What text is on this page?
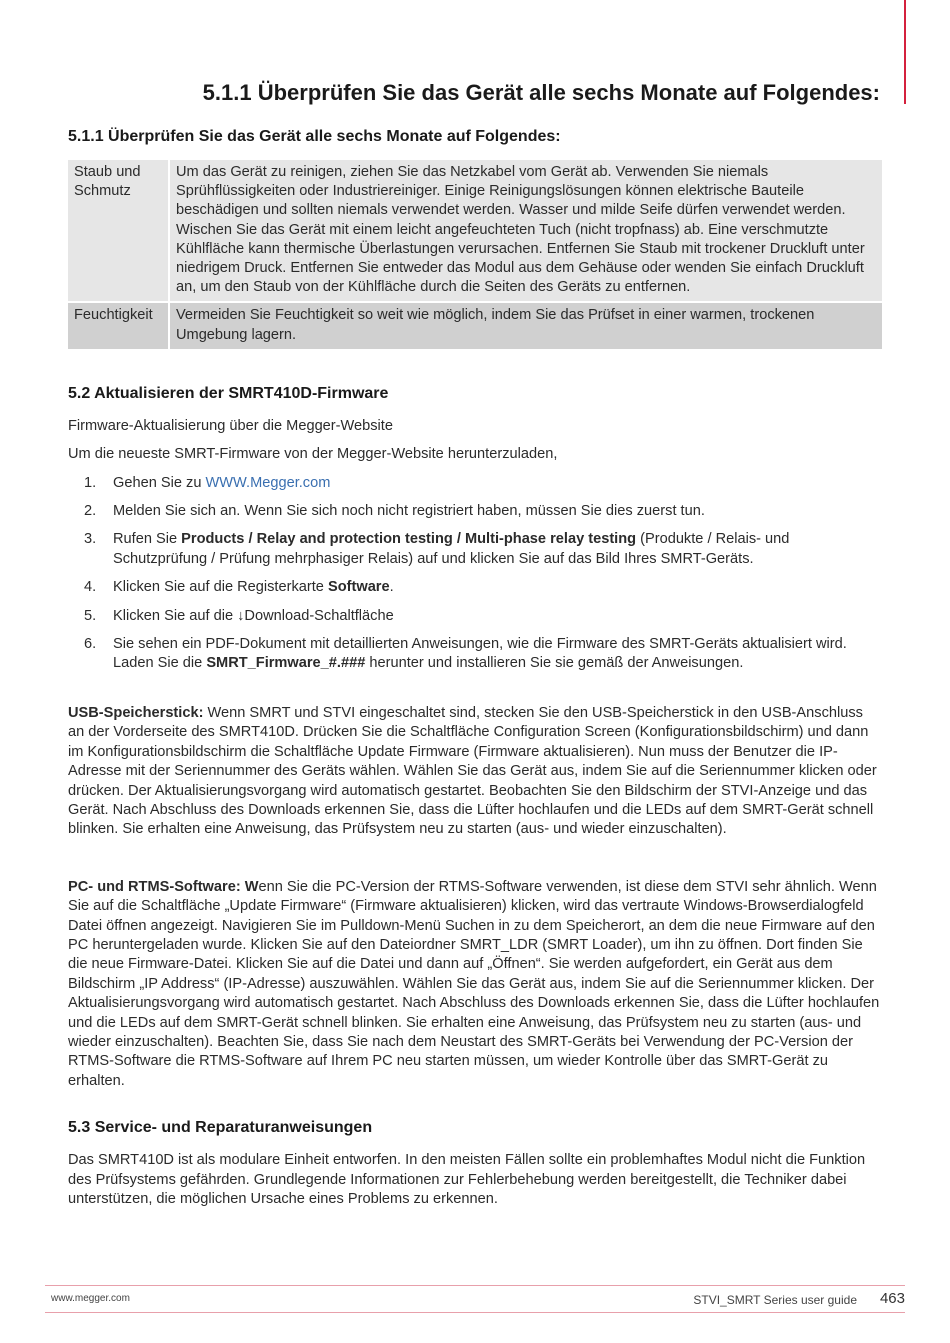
5.1.1 Überprüfen Sie das Gerät alle sechs Monate auf Folgendes:
5.1.1 Überprüfen Sie das Gerät alle sechs Monate auf Folgendes:
Staub und Schmutz	Um das Gerät zu reinigen, ziehen Sie das Netzkabel vom Gerät ab. Verwenden Sie niemals Sprühflüssigkeiten oder Industriereiniger. Einige Reinigungslösungen können elektrische Bauteile beschädigen und sollten niemals verwendet werden. Wasser und milde Seife dürfen verwendet werden. Wischen Sie das Gerät mit einem leicht angefeuchteten Tuch (nicht tropfnass) ab. Eine verschmutzte Kühlfläche kann thermische Überlastungen verursachen. Entfernen Sie Staub mit trockener Druckluft unter niedrigem Druck. Entfernen Sie entweder das Modul aus dem Gehäuse oder wenden Sie einfach Druckluft an, um den Staub von der Kühlfläche durch die Seiten des Geräts zu entfernen.
Feuchtigkeit	Vermeiden Sie Feuchtigkeit so weit wie möglich, indem Sie das Prüfset in einer warmen, trockenen Umgebung lagern.
5.2 Aktualisieren der SMRT410D-Firmware

Firmware-Aktualisierung über die Megger-Website

Um die neueste SMRT-Firmware von der Megger-Website herunterzuladen,

1. Gehen Sie zu WWW.Megger.com
2. Melden Sie sich an. Wenn Sie sich noch nicht registriert haben, müssen Sie dies zuerst tun.
3. Rufen Sie Products / Relay and protection testing / Multi-phase relay testing (Produkte / Relais- und Schutzprüfung / Prüfung mehrphasiger Relais) auf und klicken Sie auf das Bild Ihres SMRT-Geräts.
4. Klicken Sie auf die Registerkarte Software.
5. Klicken Sie auf die ↓Download-Schaltfläche
6. Sie sehen ein PDF-Dokument mit detaillierten Anweisungen, wie die Firmware des SMRT-Geräts aktualisiert wird. Laden Sie die SMRT_Firmware_#.### herunter und installieren Sie sie gemäß der Anweisungen.

USB-Speicherstick: Wenn SMRT und STVI eingeschaltet sind, stecken Sie den USB-Speicherstick in den USB-Anschluss an der Vorderseite des SMRT410D. Drücken Sie die Schaltfläche Configuration Screen (Konfigurationsbildschirm) und dann im Konfigurationsbildschirm die Schaltfläche Update Firmware (Firmware aktualisieren). Nun muss der Benutzer die IP-Adresse mit der Seriennummer des Geräts wählen. Wählen Sie das Gerät aus, indem Sie auf die Seriennummer klicken oder drücken. Der Aktualisierungsvorgang wird automatisch gestartet. Beobachten Sie den Bildschirm der STVI-Anzeige und das Gerät. Nach Abschluss des Downloads erkennen Sie, dass die Lüfter hochlaufen und die LEDs auf dem SMRT-Gerät schnell blinken. Sie erhalten eine Anweisung, das Prüfsystem neu zu starten (aus- und wieder einzuschalten).

PC- und RTMS-Software: Wenn Sie die PC-Version der RTMS-Software verwenden, ist diese dem STVI sehr ähnlich. Wenn Sie auf die Schaltfläche „Update Firmware“ (Firmware aktualisieren) klicken, wird das vertraute Windows-Browserdialogfeld Datei öffnen angezeigt. Navigieren Sie im Pulldown-Menü Suchen in zu dem Speicherort, an dem die neue Firmware auf den PC heruntergeladen wurde. Klicken Sie auf den Dateiordner SMRT_LDR (SMRT Loader), um ihn zu öffnen. Dort finden Sie die neue Firmware-Datei. Klicken Sie auf die Datei und dann auf „Öffnen“. Sie werden aufgefordert, ein Gerät aus dem Bildschirm „IP Address“ (IP-Adresse) auszuwählen. Wählen Sie das Gerät aus, indem Sie auf die Seriennummer klicken. Der Aktualisierungsvorgang wird automatisch gestartet. Nach Abschluss des Downloads erkennen Sie, dass die Lüfter hochlaufen und die LEDs auf dem SMRT-Gerät schnell blinken. Sie erhalten eine Anweisung, das Prüfsystem neu zu starten (aus- und wieder einzuschalten). Beachten Sie, dass Sie nach dem Neustart des SMRT-Geräts bei Verwendung der PC-Version der RTMS-Software die RTMS-Software auf Ihrem PC neu starten müssen, um wieder Kontrolle über das SMRT-Gerät zu erhalten.

5.3 Service- und Reparaturanweisungen

Das SMRT410D ist als modulare Einheit entworfen. In den meisten Fällen sollte ein problemhaftes Modul nicht die Funktion des Prüfsystems gefährden. Grundlegende Informationen zur Fehlerbehebung werden bereitgestellt, die Techniker dabei unterstützen, die möglichen Ursache eines Problems zu erkennen.

www.megger.com	STVI_SMRT Series user guide 463
